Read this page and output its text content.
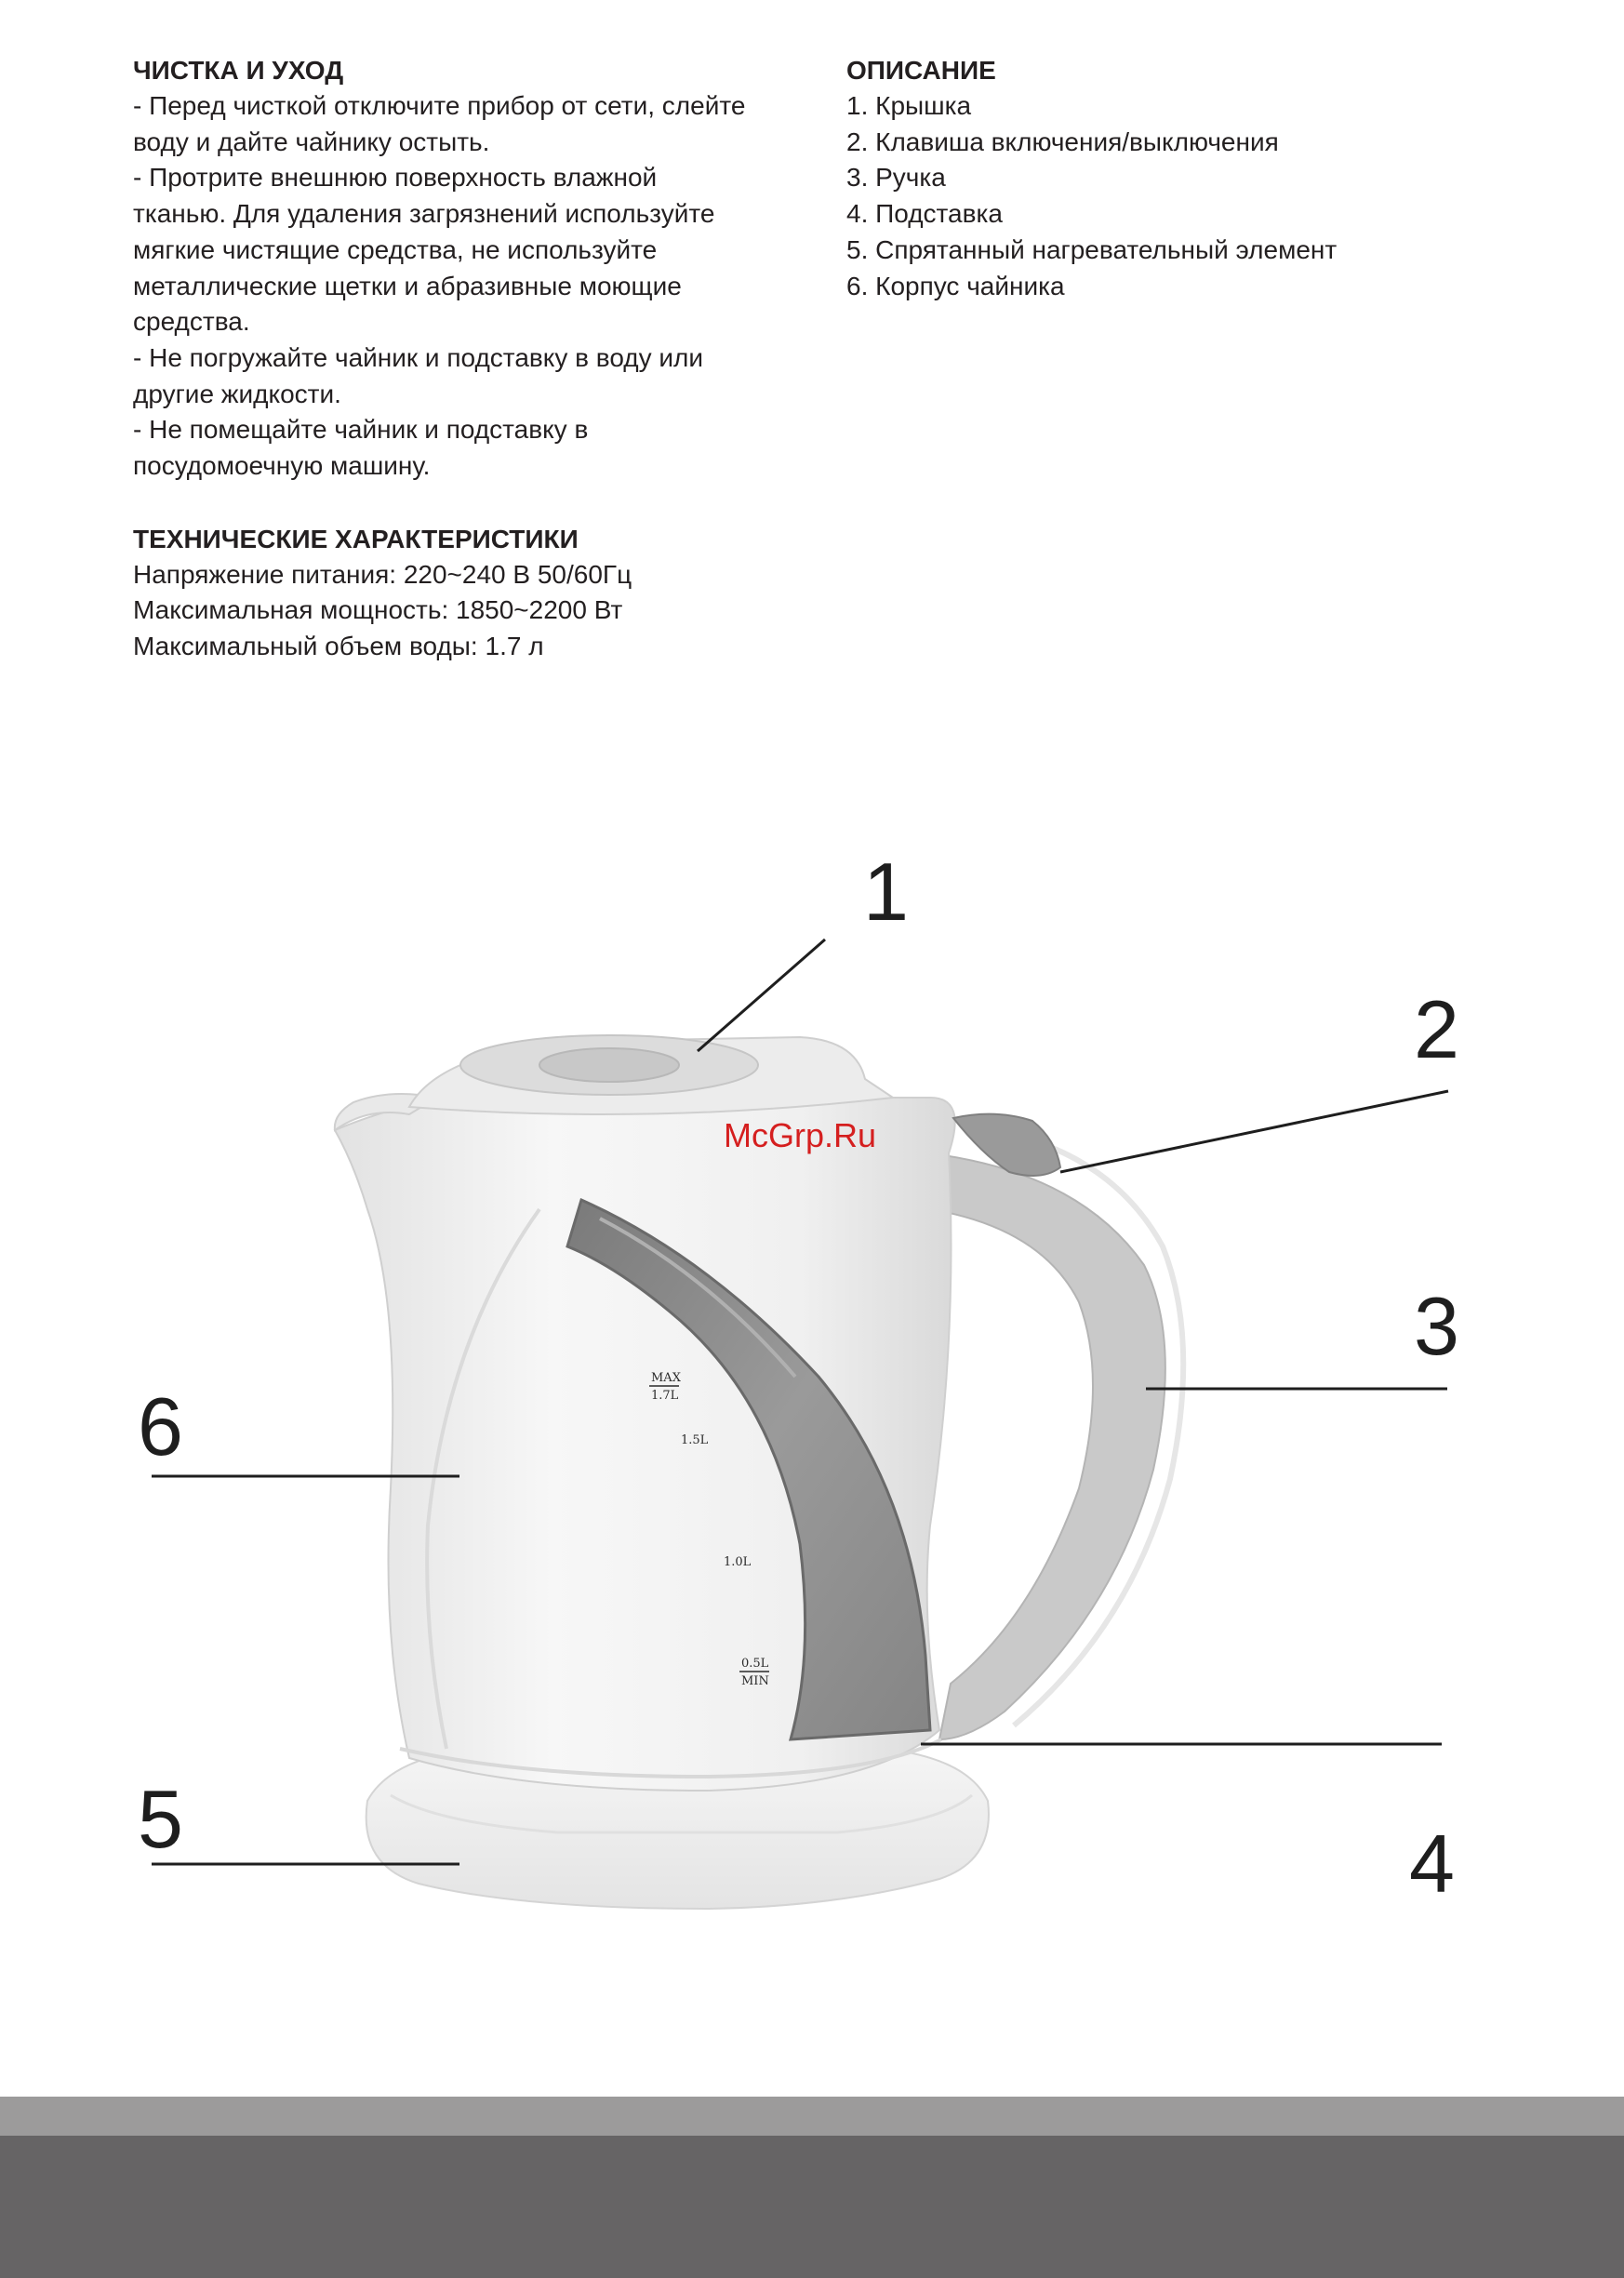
ЧИСТКА И УХОД

- Перед чисткой отключите прибор от сети, слейте

воду и дайте чайнику остыть.

- Протрите внешнюю поверхность влажной

тканью. Для удаления загрязнений используйте

мягкие чистящие средства, не используйте

металлические щетки и абразивные моющие

средства.

- Не погружайте чайник и подставку в воду или

другие жидкости.

- Не помещайте чайник и подставку в

посудомоечную машину.

ТЕХНИЧЕСКИЕ ХАРАКТЕРИСТИКИ

Напряжение питания: 220~240 В 50/60Гц

Максимальная мощность: 1850~2200 Вт

Максимальный объем воды: 1.7 л

ОПИСАНИЕ

1. Крышка

2. Клавиша включения/выключения

3. Ручка

4. Подставка

5. Спрятанный нагревательный элемент

6. Корпус чайника

MAX
1.7L
1.5L
1.0L
0.5L
MIN
1
2
3
4
5
6
McGrp.Ru
